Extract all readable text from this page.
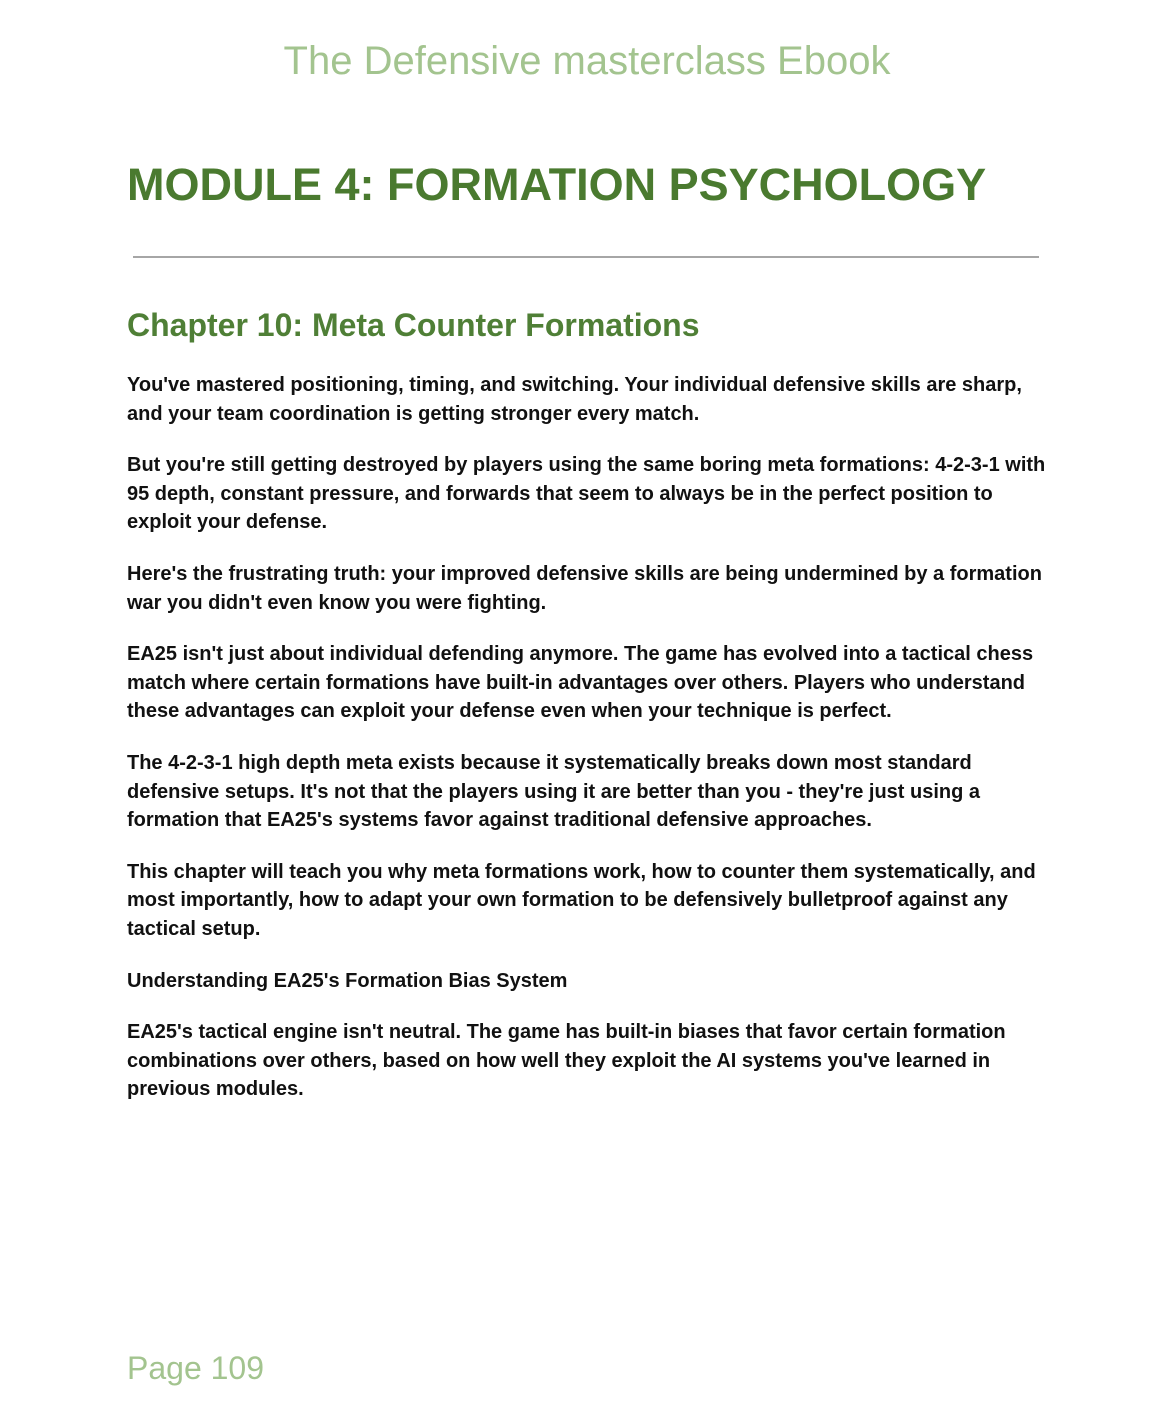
The Defensive masterclass Ebook
MODULE 4: FORMATION PSYCHOLOGY
Chapter 10: Meta Counter Formations

You've mastered positioning, timing, and switching. Your individual defensive skills are sharp, and your team coordination is getting stronger every match.

But you're still getting destroyed by players using the same boring meta formations: 4-2-3-1 with 95 depth, constant pressure, and forwards that seem to always be in the perfect position to exploit your defense.

Here's the frustrating truth: your improved defensive skills are being undermined by a formation war you didn't even know you were fighting.

EA25 isn't just about individual defending anymore. The game has evolved into a tactical chess match where certain formations have built-in advantages over others. Players who understand these advantages can exploit your defense even when your technique is perfect.

The 4-2-3-1 high depth meta exists because it systematically breaks down most standard defensive setups. It's not that the players using it are better than you - they're just using a formation that EA25's systems favor against traditional defensive approaches.

This chapter will teach you why meta formations work, how to counter them systematically, and most importantly, how to adapt your own formation to be defensively bulletproof against any tactical setup.

Understanding EA25's Formation Bias System

EA25's tactical engine isn't neutral. The game has built-in biases that favor certain formation combinations over others, based on how well they exploit the AI systems you've learned in previous modules.

Page 109
